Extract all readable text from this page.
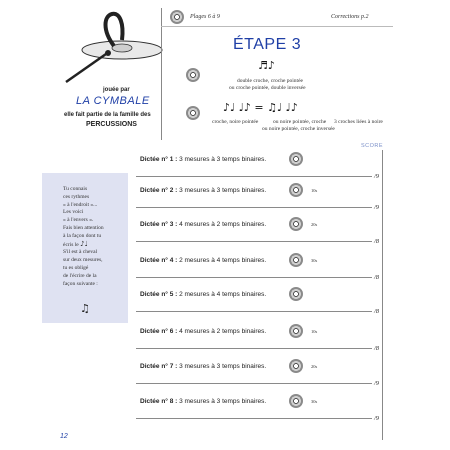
jouée par
LA CYMBALE
elle fait partie de la famille des
PERCUSSIONS
Plages 6 à 9	Corrections p.2
ÉTAPE 3
♬♪
double croche, croche pointée
ou croche pointée, double inversée
♪♩ ♩♪ = ♫♩ ♩♪
croche, noire pointée	ou noire pointée, croche 3 croches liées à noire
ou noire pointée, croche inversée
SCORE
Tu connais
ces rythmes
« à l'endroit »...
Les voici
« à l'envers ».
Fais bien attention
à la façon dont tu
écris le ♪♩
S'il est à cheval
sur deux mesures,
tu es obligé
de l'écrire de la
façon suivante :
♫
Dictée n° 1 : 3 mesures à 3 temps binaires.
/9
Dictée n° 2 : 3 mesures à 3 temps binaires.	10s
/9
Dictée n° 3 : 4 mesures à 2 temps binaires.	20s
/8
Dictée n° 4 : 2 mesures à 4 temps binaires.	30s
/8
Dictée n° 5 : 2 mesures à 4 temps binaires.
/8
Dictée n° 6 : 4 mesures à 2 temps binaires.	10s
/8
Dictée n° 7 : 3 mesures à 3 temps binaires.	20s
/9
Dictée n° 8 : 3 mesures à 3 temps binaires.	30s
/9
12
